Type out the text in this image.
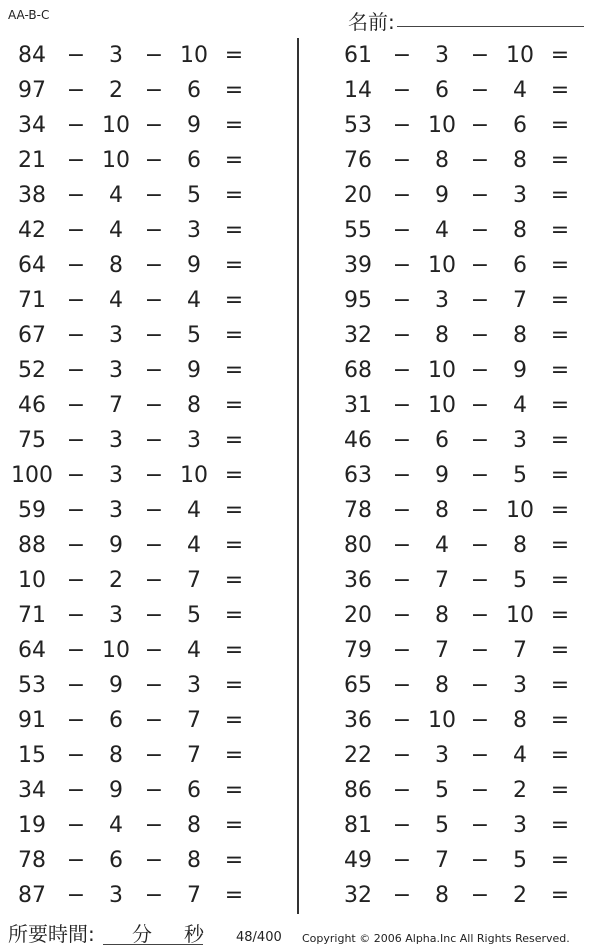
AA-B-C	名前:
84 −	3 − 10 =
97 −	2 −	6	=
34 − 10 −	9	=
21 − 10 −	6	=
38 −	4 −	5	=
42 −	4 −	3	=
64 −	8 −	9	=
71 −	4 −	4	=
67 −	3 −	5	=
52 −	3 −	9	=
46 −	7 −	8	=
75 −	3 −	3	=
100 −	3 − 10 =
59 −	3 −	4	=
88 −	9 −	4	=
10 −	2 −	7	=
71 −	3 −	5	=
64 − 10 −	4	=
53 −	9 −	3	=
91 −	6 −	7	=
15 −	8 −	7	=
34 −	9 −	6	=
19 −	4 −	8	=
78 −	6 −	8	=
87 −	3 −	7	=
61 −	3 − 10 =
14 −	6 −	4	=
53 − 10 −	6	=
76 −	8 −	8	=
20 −	9 −	3	=
55 −	4 −	8	=
39 − 10 −	6	=
95 −	3 −	7	=
32 −	8 −	8	=
68 − 10 −	9	=
31 − 10 −	4	=
46 −	6 −	3	=
63 −	9 −	5	=
78 −	8 − 10 =
80 −	4 −	8	=
36 −	7 −	5	=
20 −	8 − 10 =
79 −	7 −	7	=
65 −	8 −	3	=
36 − 10 −	8	=
22 −	3 −	4	=
86 −	5 −	2	=
81 −	5 −	3	=
49 −	7 −	5	=
32 −	8 −	2	=
所要時間: 分 秒 48/400 Copyright © 2006 Alpha.Inc All Rights Reserved.
